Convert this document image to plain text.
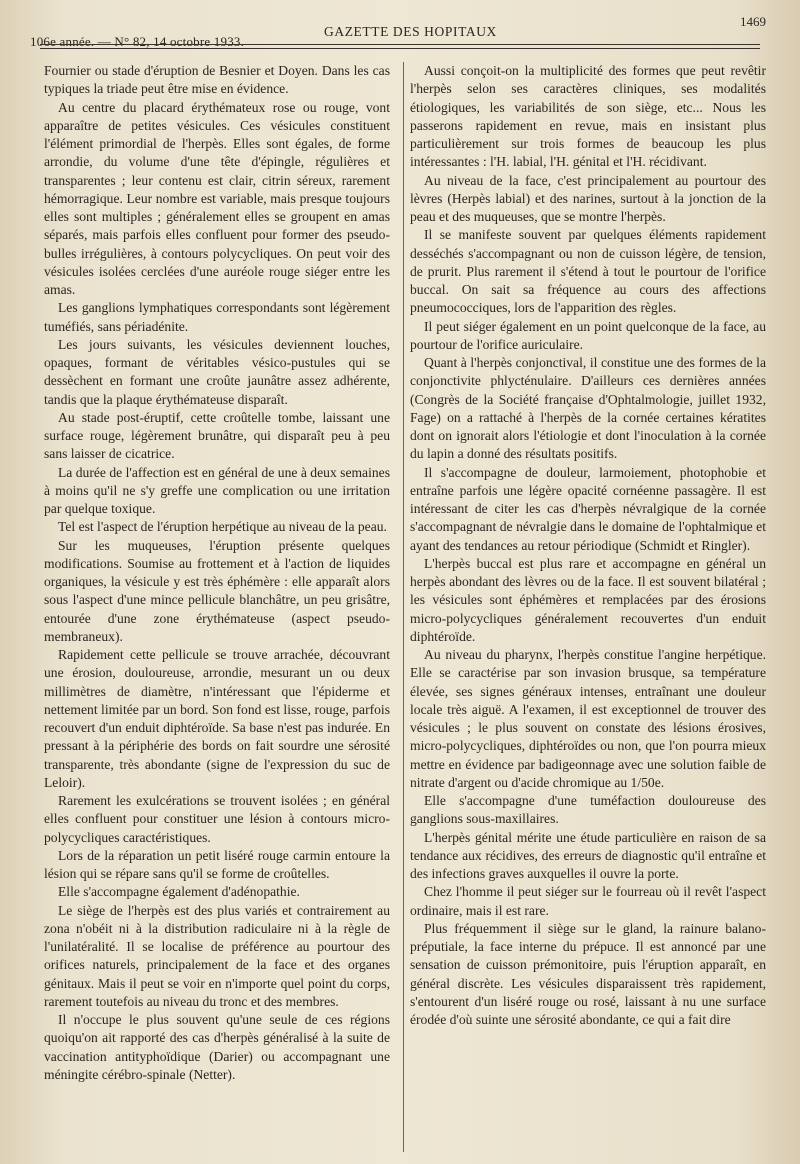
106e année. — N° 82, 14 octobre 1933.
GAZETTE DES HOPITAUX
1469

Fournier ou stade d'éruption de Besnier et Doyen. Dans les cas typiques la triade peut être mise en évidence.

Au centre du placard érythémateux rose ou rouge, vont apparaître de petites vésicules. Ces vésicules constituent l'élément primordial de l'herpès. Elles sont égales, de forme arrondie, du volume d'une tête d'épingle, régulières et transparentes ; leur contenu est clair, citrin séreux, rarement hémorragique. Leur nombre est variable, mais presque toujours elles sont multiples ; généralement elles se groupent en amas séparés, mais parfois elles confluent pour former des pseudo-bulles irrégulières, à contours polycycliques. On peut voir des vésicules isolées cerclées d'une auréole rouge siéger entre les amas.

Les ganglions lymphatiques correspondants sont légèrement tuméfiés, sans périadénite.

Les jours suivants, les vésicules deviennent louches, opaques, formant de véritables vésico-pustules qui se dessèchent en formant une croûte jaunâtre assez adhérente, tandis que la plaque érythémateuse disparaît.

Au stade post-éruptif, cette croûtelle tombe, laissant une surface rouge, légèrement brunâtre, qui disparaît peu à peu sans laisser de cicatrice.

La durée de l'affection est en général de une à deux semaines à moins qu'il ne s'y greffe une complication ou une irritation par quelque toxique.

Tel est l'aspect de l'éruption herpétique au niveau de la peau.

Sur les muqueuses, l'éruption présente quelques modifications. Soumise au frottement et à l'action de liquides organiques, la vésicule y est très éphémère : elle apparaît alors sous l'aspect d'une mince pellicule blanchâtre, un peu grisâtre, entourée d'une zone érythémateuse (aspect pseudo-membraneux).

Rapidement cette pellicule se trouve arrachée, découvrant une érosion, douloureuse, arrondie, mesurant un ou deux millimètres de diamètre, n'intéressant que l'épiderme et nettement limitée par un bord. Son fond est lisse, rouge, parfois recouvert d'un enduit diphtéroïde. Sa base n'est pas indurée. En pressant à la périphérie des bords on fait sourdre une sérosité transparente, très abondante (signe de l'expression du suc de Leloir).

Rarement les exulcérations se trouvent isolées ; en général elles confluent pour constituer une lésion à contours micro-polycycliques caractéristiques.

Lors de la réparation un petit liséré rouge carmin entoure la lésion qui se répare sans qu'il se forme de croûtelles.

Elle s'accompagne également d'adénopathie.

Le siège de l'herpès est des plus variés et contrairement au zona n'obéit ni à la distribution radiculaire ni à la règle de l'unilatéralité. Il se localise de préférence au pourtour des orifices naturels, principalement de la face et des organes génitaux. Mais il peut se voir en n'importe quel point du corps, rarement toutefois au niveau du tronc et des membres.

Il n'occupe le plus souvent qu'une seule de ces régions quoiqu'on ait rapporté des cas d'herpès généralisé à la suite de vaccination antityphoïdique (Darier) ou accompagnant une méningite cérébro-spinale (Netter).

Aussi conçoit-on la multiplicité des formes que peut revêtir l'herpès selon ses caractères cliniques, ses modalités étiologiques, les variabilités de son siège, etc... Nous les passerons rapidement en revue, mais en insistant plus particulièrement sur trois formes de beaucoup les plus intéressantes : l'H. labial, l'H. génital et l'H. récidivant.

Au niveau de la face, c'est principalement au pourtour des lèvres (Herpès labial) et des narines, surtout à la jonction de la peau et des muqueuses, que se montre l'herpès.

Il se manifeste souvent par quelques éléments rapidement desséchés s'accompagnant ou non de cuisson légère, de tension, de prurit. Plus rarement il s'étend à tout le pourtour de l'orifice buccal. On sait sa fréquence au cours des affections pneumococciques, lors de l'apparition des règles.

Il peut siéger également en un point quelconque de la face, au pourtour de l'orifice auriculaire.

Quant à l'herpès conjonctival, il constitue une des formes de la conjonctivite phlycténulaire. D'ailleurs ces dernières années (Congrès de la Société française d'Ophtalmologie, juillet 1932, Fage) on a rattaché à l'herpès de la cornée certaines kératites dont on ignorait alors l'étiologie et dont l'inoculation à la cornée du lapin a donné des résultats positifs.

Il s'accompagne de douleur, larmoiement, photophobie et entraîne parfois une légère opacité cornéenne passagère. Il est intéressant de citer les cas d'herpès névralgique de la cornée s'accompagnant de névralgie dans le domaine de l'ophtalmique et ayant des tendances au retour périodique (Schmidt et Ringler).

L'herpès buccal est plus rare et accompagne en général un herpès abondant des lèvres ou de la face. Il est souvent bilatéral ; les vésicules sont éphémères et remplacées par des érosions micro-polycycliques généralement recouvertes d'un enduit diphtéroïde.

Au niveau du pharynx, l'herpès constitue l'angine herpétique. Elle se caractérise par son invasion brusque, sa température élevée, ses signes généraux intenses, entraînant une douleur locale très aiguë. A l'examen, il est exceptionnel de trouver des vésicules ; le plus souvent on constate des lésions érosives, micro-polycycliques, diphtéroïdes ou non, que l'on pourra mieux mettre en évidence par badigeonnage avec une solution faible de nitrate d'argent ou d'acide chromique au 1/50e.

Elle s'accompagne d'une tuméfaction douloureuse des ganglions sous-maxillaires.

L'herpès génital mérite une étude particulière en raison de sa tendance aux récidives, des erreurs de diagnostic qu'il entraîne et des infections graves auxquelles il ouvre la porte.

Chez l'homme il peut siéger sur le fourreau où il revêt l'aspect ordinaire, mais il est rare.

Plus fréquemment il siège sur le gland, la rainure balano-préputiale, la face interne du prépuce. Il est annoncé par une sensation de cuisson prémonitoire, puis l'éruption apparaît, en général discrète. Les vésicules disparaissent très rapidement, s'entourent d'un liséré rouge ou rosé, laissant à nu une surface érodée d'où suinte une sérosité abondante, ce qui a fait dire
